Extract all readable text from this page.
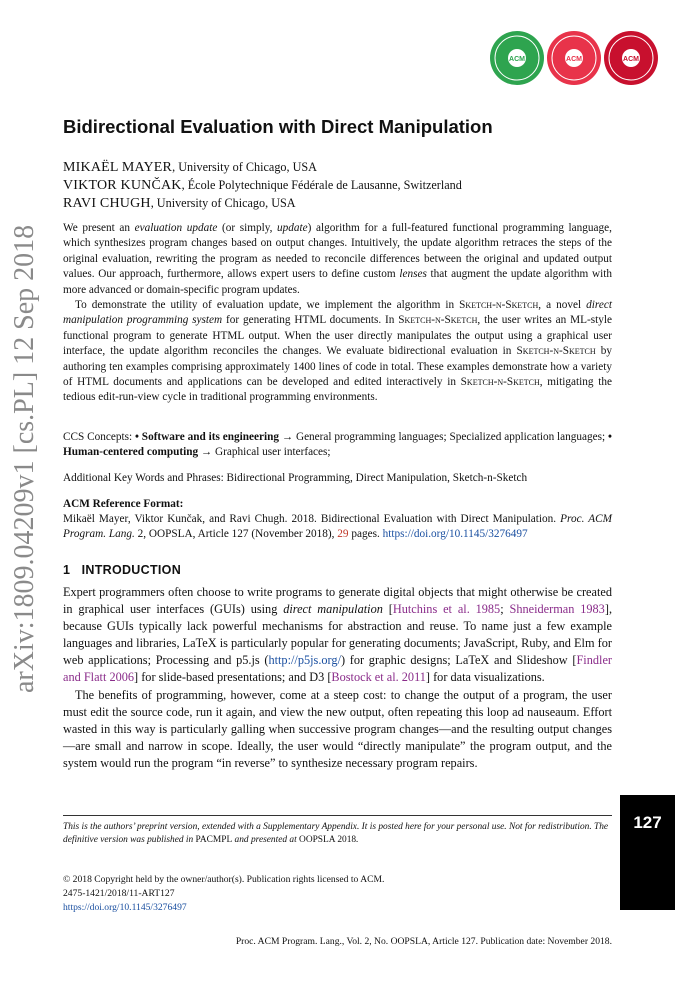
ACM	ACM	ACM
arXiv:1809.04209v1 [cs.PL] 12 Sep 2018
Bidirectional Evaluation with Direct Manipulation
MIKAËL MAYER, University of Chicago, USA
VIKTOR KUNČAK, École Polytechnique Fédérale de Lausanne, Switzerland
RAVI CHUGH, University of Chicago, USA

We present an evaluation update (or simply, update) algorithm for a full-featured functional programming language, which synthesizes program changes based on output changes. Intuitively, the update algorithm retraces the steps of the original evaluation, rewriting the program as needed to reconcile differences between the original and updated output values. Our approach, furthermore, allows expert users to define custom lenses that augment the update algorithm with more advanced or domain-specific program updates.

To demonstrate the utility of evaluation update, we implement the algorithm in Sketch-n-Sketch, a novel direct manipulation programming system for generating HTML documents. In Sketch-n-Sketch, the user writes an ML-style functional program to generate HTML output. When the user directly manipulates the output using a graphical user interface, the update algorithm reconciles the changes. We evaluate bidirectional evaluation in Sketch-n-Sketch by authoring ten examples comprising approximately 1400 lines of code in total. These examples demonstrate how a variety of HTML documents and applications can be developed and edited interactively in Sketch-n-Sketch, mitigating the tedious edit-run-view cycle in traditional programming environments.

CCS Concepts: • Software and its engineering → General programming languages; Specialized application languages; • Human-centered computing → Graphical user interfaces;

Additional Key Words and Phrases: Bidirectional Programming, Direct Manipulation, Sketch-n-Sketch

ACM Reference Format:

Mikaël Mayer, Viktor Kunčak, and Ravi Chugh. 2018. Bidirectional Evaluation with Direct Manipulation. Proc. ACM Program. Lang. 2, OOPSLA, Article 127 (November 2018), 29 pages. https://doi.org/10.1145/3276497

1 INTRODUCTION

Expert programmers often choose to write programs to generate digital objects that might otherwise be created in graphical user interfaces (GUIs) using direct manipulation [Hutchins et al. 1985; Shneiderman 1983], because GUIs typically lack powerful mechanisms for abstraction and reuse. To name just a few example languages and libraries, LaTeX is particularly popular for generating documents; JavaScript, Ruby, and Elm for web applications; Processing and p5.js (http://p5js.org/) for graphic designs; LaTeX and Slideshow [Findler and Flatt 2006] for slide-based presentations; and D3 [Bostock et al. 2011] for data visualizations.

The benefits of programming, however, come at a steep cost: to change the output of a program, the user must edit the source code, run it again, and view the new output, often repeating this loop ad nauseaum. Effort wasted in this way is particularly galling when successive program changes—and the resulting output changes—are small and narrow in scope. Ideally, the user would “directly manipulate” the program output, and the system would run the program “in reverse” to synthesize necessary program repairs.

127
This is the authors’ preprint version, extended with a Supplementary Appendix. It is posted here for your personal use. Not for redistribution. The definitive version was published in PACMPL and presented at OOPSLA 2018.
© 2018 Copyright held by the owner/author(s). Publication rights licensed to ACM.
2475-1421/2018/11-ART127
https://doi.org/10.1145/3276497
Proc. ACM Program. Lang., Vol. 2, No. OOPSLA, Article 127. Publication date: November 2018.
